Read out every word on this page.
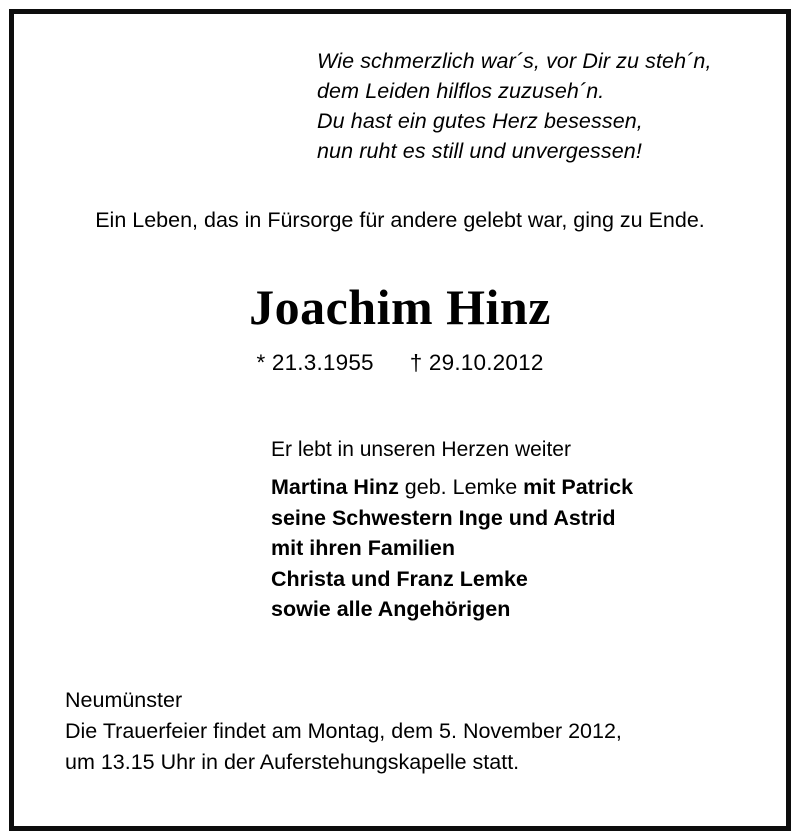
Wie schmerzlich war´s, vor Dir zu steh´n,
dem Leiden hilflos zuzuseh´n.
Du hast ein gutes Herz besessen,
nun ruht es still und unvergessen!
Ein Leben, das in Fürsorge für andere gelebt war, ging zu Ende.
Joachim Hinz
* 21.3.1955 † 29.10.2012
Er lebt in unseren Herzen weiter
Martina Hinz geb. Lemke mit Patrick
seine Schwestern Inge und Astrid
mit ihren Familien
Christa und Franz Lemke
sowie alle Angehörigen
Neumünster
Die Trauerfeier findet am Montag, dem 5. November 2012,
um 13.15 Uhr in der Auferstehungskapelle statt.
